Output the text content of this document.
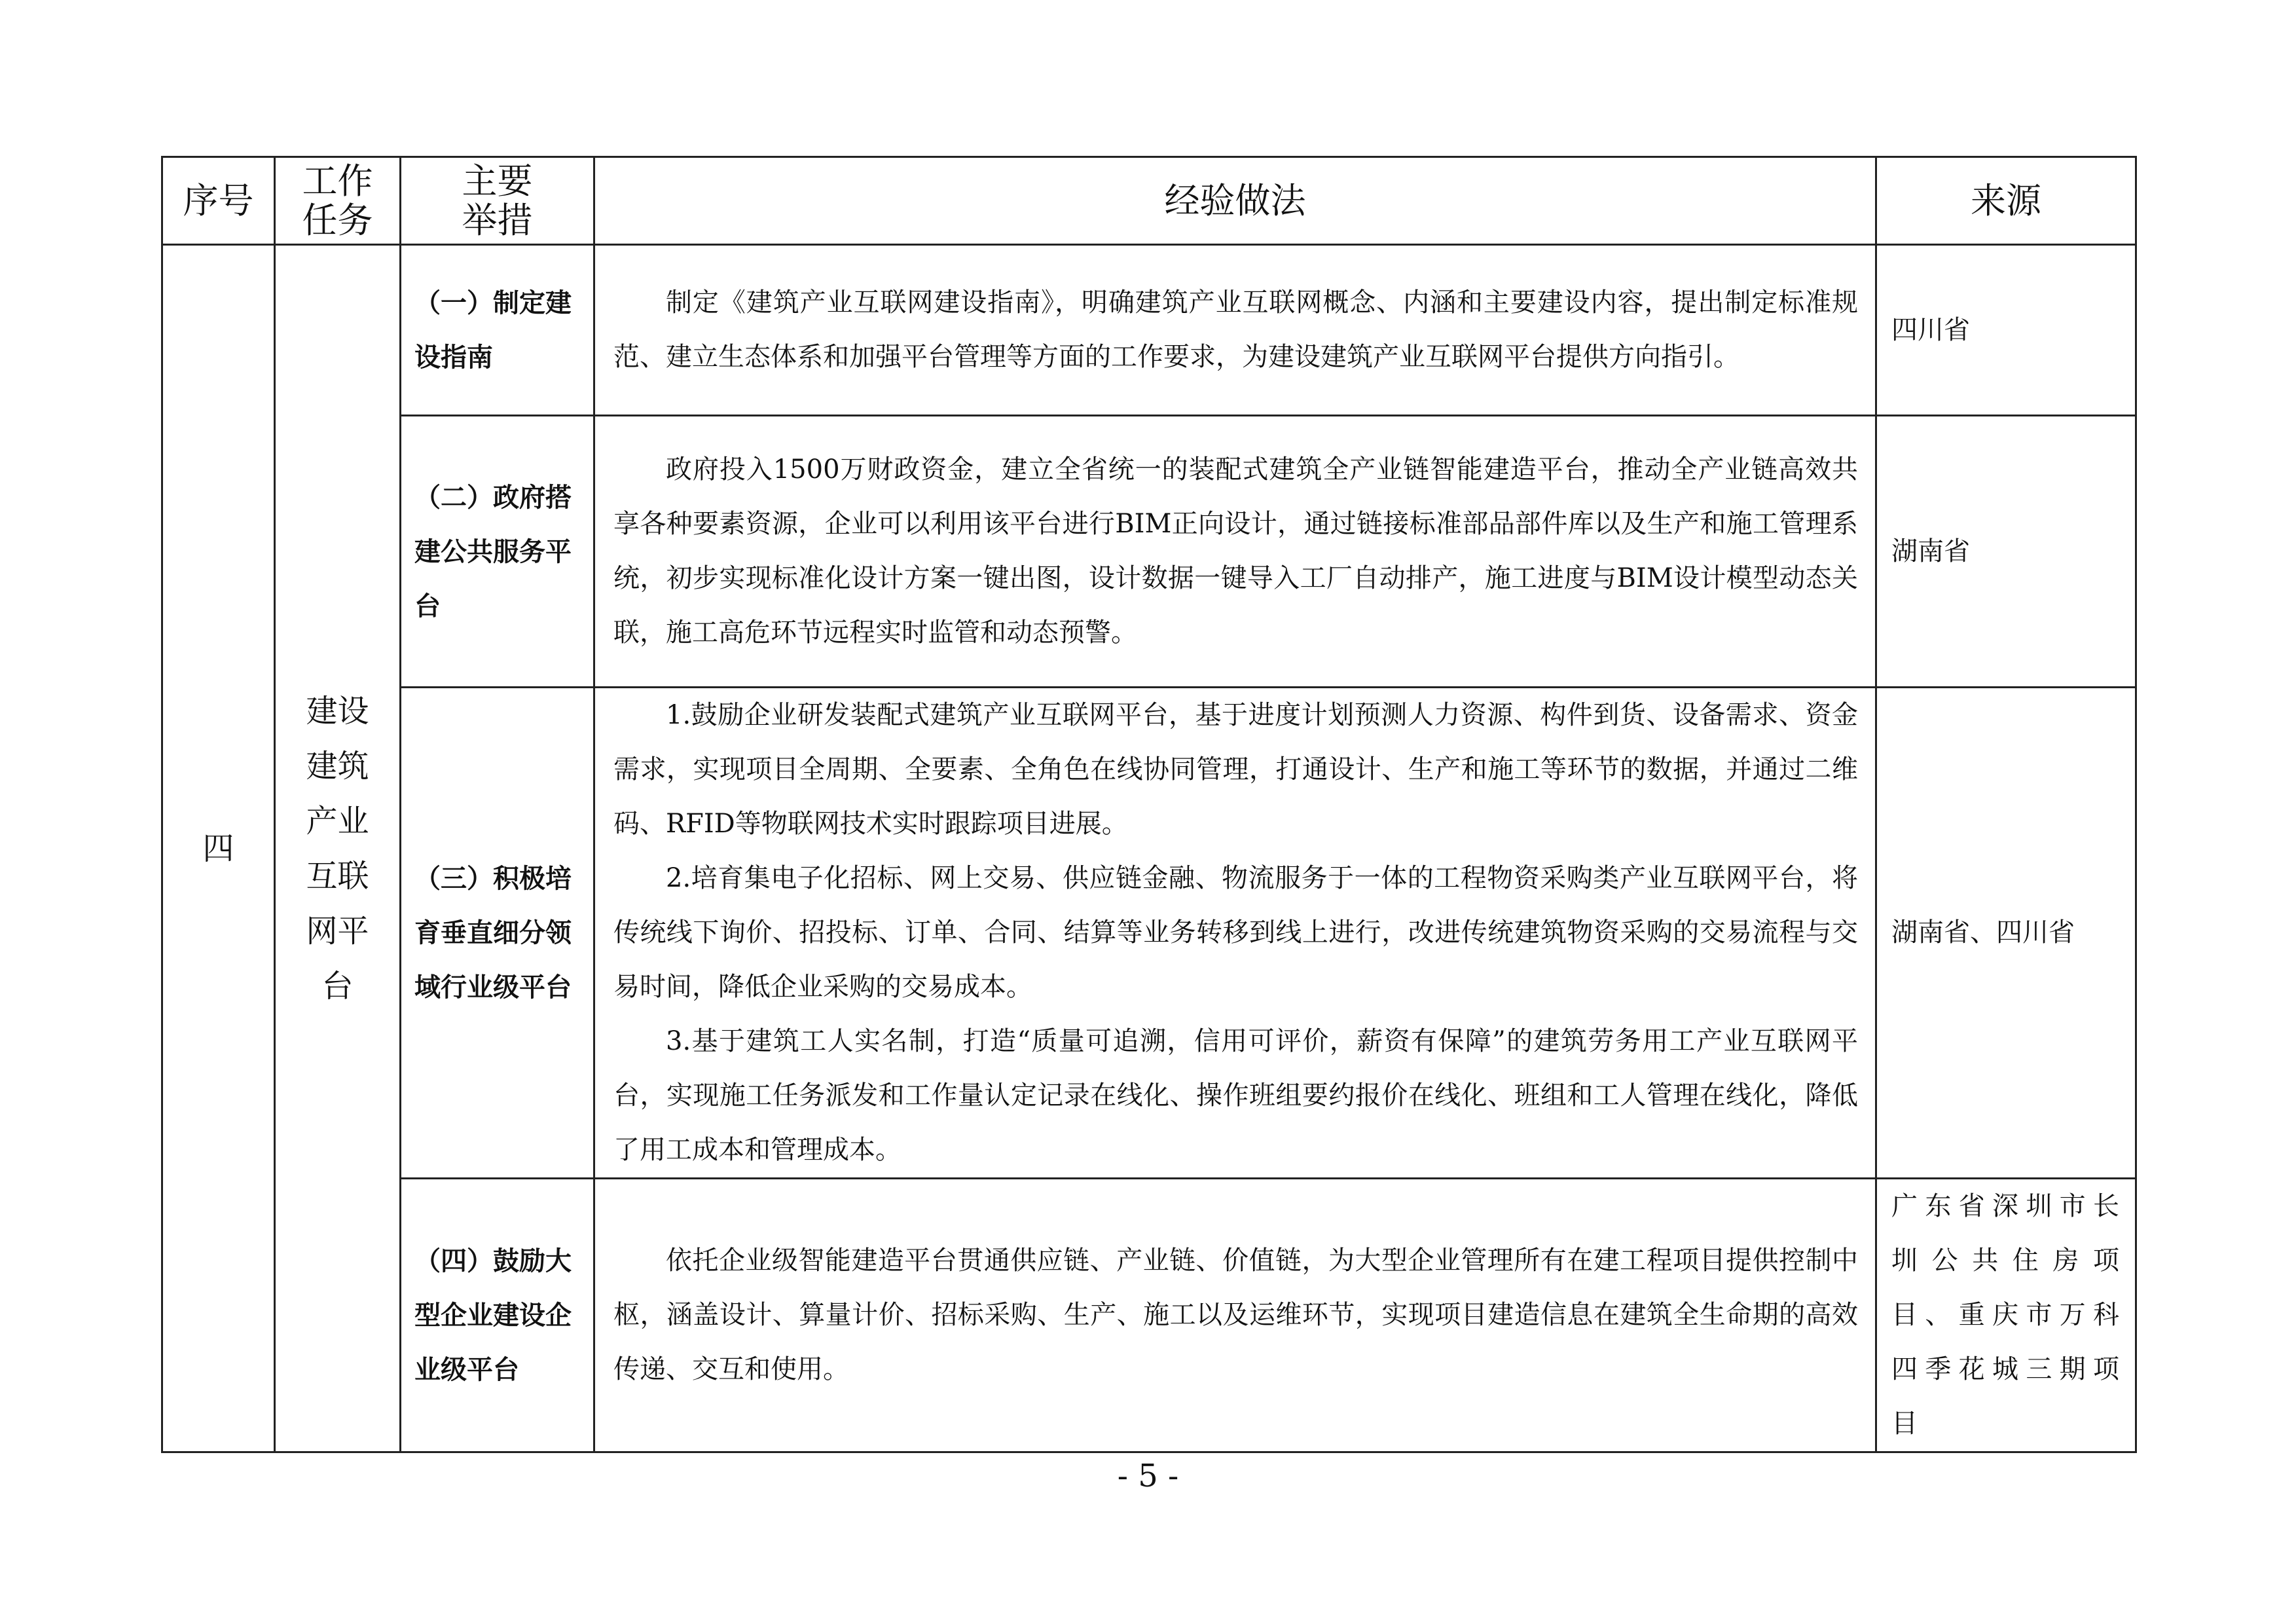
序号	工作任务	主要举措	经验做法	来源
四	建设建筑产业互联网平台	（一）制定建设指南	制定《建筑产业互联网建设指南》，明确建筑产业互联网概念、内涵和主要建设内容，提出制定标准规范、建立生态体系和加强平台管理等方面的工作要求，为建设建筑产业互联网平台提供方向指引。	四川省
		（二）政府搭建公共服务平台	政府投入1500万财政资金，建立全省统一的装配式建筑全产业链智能建造平台，推动全产业链高效共享各种要素资源，企业可以利用该平台进行BIM正向设计，通过链接标准部品部件库以及生产和施工管理系统，初步实现标准化设计方案一键出图，设计数据一键导入工厂自动排产，施工进度与BIM设计模型动态关联，施工高危环节远程实时监管和动态预警。	湖南省
		（三）积极培育垂直细分领域行业级平台	1.鼓励企业研发装配式建筑产业互联网平台，基于进度计划预测人力资源、构件到货、设备需求、资金需求，实现项目全周期、全要素、全角色在线协同管理，打通设计、生产和施工等环节的数据，并通过二维码、RFID等物联网技术实时跟踪项目进展。

2.培育集电子化招标、网上交易、供应链金融、物流服务于一体的工程物资采购类产业互联网平台，将传统线下询价、招投标、订单、合同、结算等业务转移到线上进行，改进传统建筑物资采购的交易流程与交易时间，降低企业采购的交易成本。

3.基于建筑工人实名制，打造“质量可追溯，信用可评价，薪资有保障”的建筑劳务用工产业互联网平台，实现施工任务派发和工作量认定记录在线化、操作班组要约报价在线化、班组和工人管理在线化，降低了用工成本和管理成本。	湖南省、四川省
		（四）鼓励大型企业建设企业级平台	依托企业级智能建造平台贯通供应链、产业链、价值链，为大型企业管理所有在建工程项目提供控制中枢，涵盖设计、算量计价、招标采购、生产、施工以及运维环节，实现项目建造信息在建筑全生命期的高效传递、交互和使用。	广东省深圳市长圳公共住房项目、重庆市万科四季花城三期项目
- 5 -
